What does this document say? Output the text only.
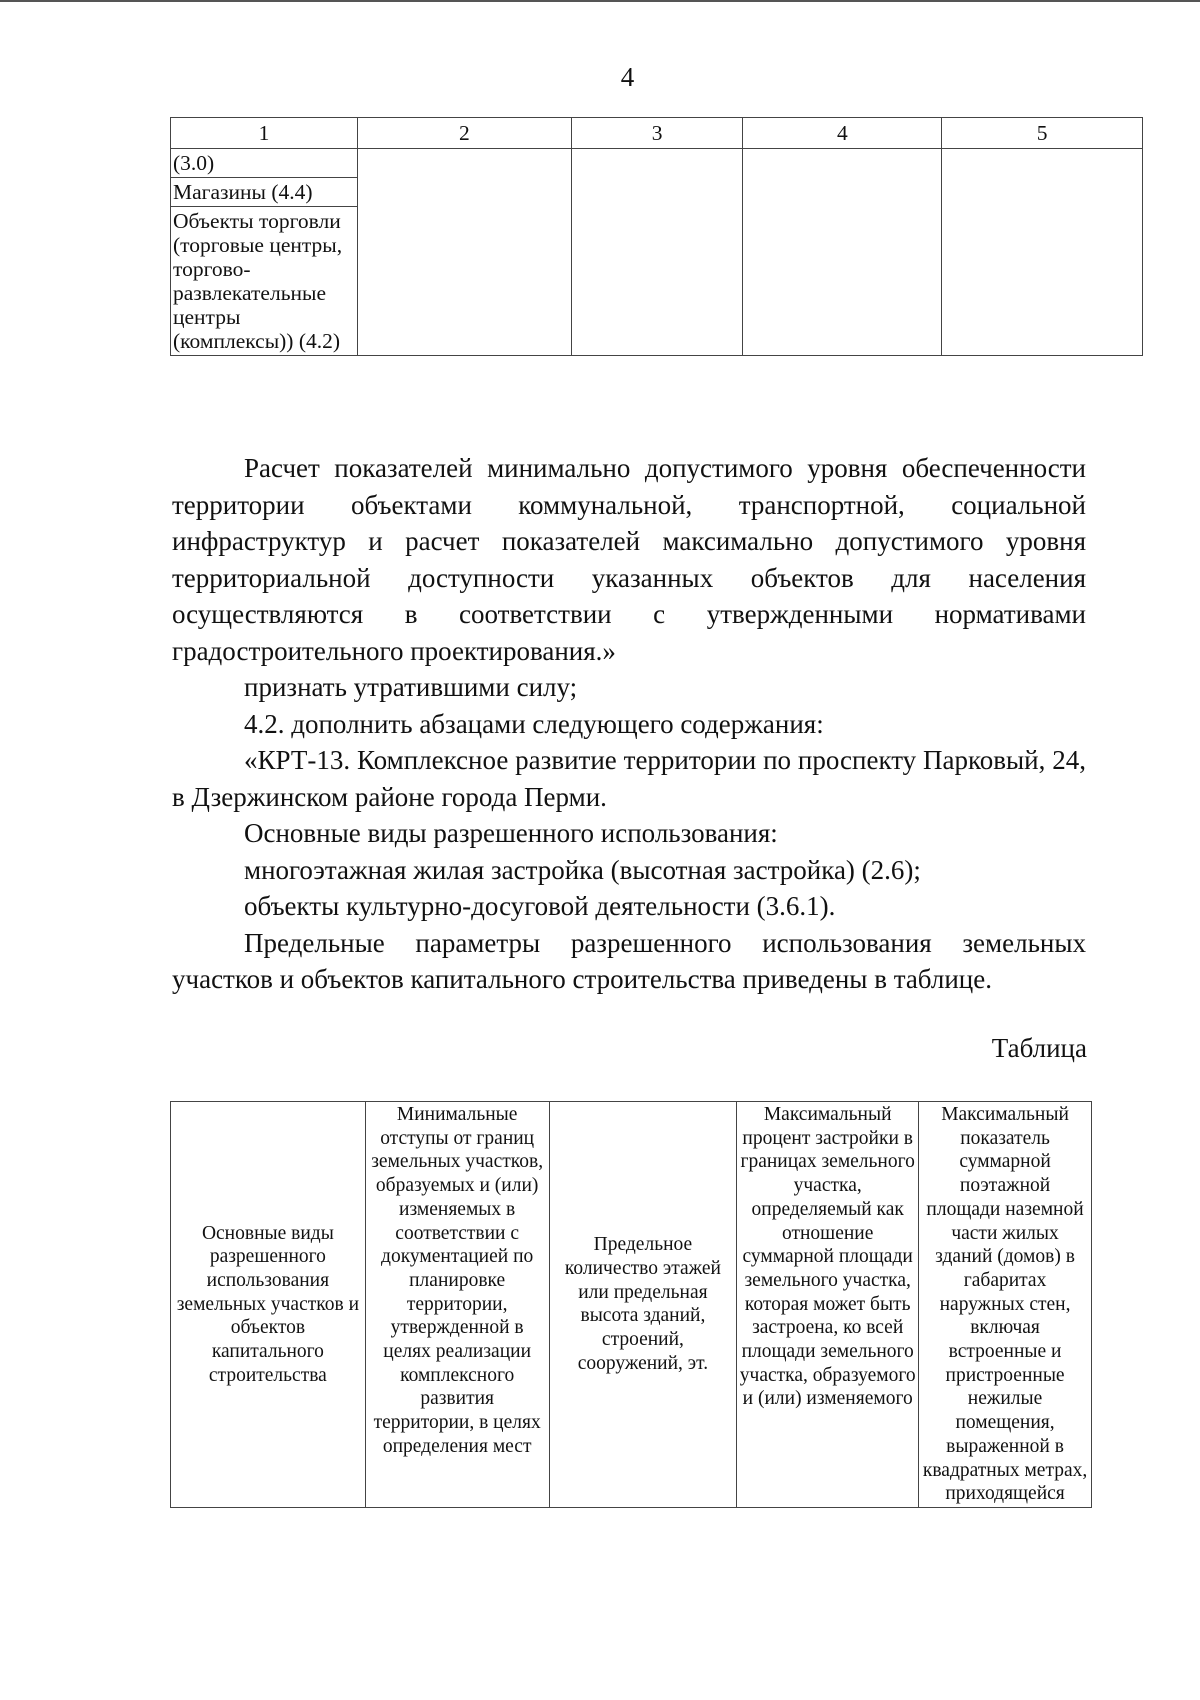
4
1	2	3	4	5

(3.0)
Магазины (4.4)
Объекты торговли (торговые центры, торгово-развлекательные центры (комплексы)) (4.2)				

Расчет показателей минимально допустимого уровня обеспеченности территории объектами коммунальной, транспортной, социальной инфраструктур и расчет показателей максимально допустимого уровня территориальной доступности указанных объектов для населения осуществляются в соответствии с утвержденными нормативами градостроительного проектирования.»

признать утратившими силу;

4.2. дополнить абзацами следующего содержания:

«КРТ-13. Комплексное развитие территории по проспекту Парковый, 24, в Дзержинском районе города Перми.

Основные виды разрешенного использования:

многоэтажная жилая застройка (высотная застройка) (2.6);

объекты культурно-досуговой деятельности (3.6.1).

Предельные параметры разрешенного использования земельных участков и объектов капитального строительства приведены в таблице.

Таблица
Основные виды разрешенного использования земельных участков и объектов капитального строительства	Минимальные отступы от границ земельных участков, образуемых и (или) изменяемых в соответствии с документацией по планировке территории, утвержденной в целях реализации комплексного развития территории, в целях определения мест	Предельное количество этажей или предельная высота зданий, строений, сооружений, эт.	Максимальный процент застройки в границах земельного участка, определяемый как отношение суммарной площади земельного участка, которая может быть застроена, ко всей площади земельного участка, образуемого и (или) изменяемого	Максимальный показатель суммарной поэтажной площади наземной части жилых зданий (домов) в габаритах наружных стен, включая встроенные и пристроенные нежилые помещения, выраженной в квадратных метрах, приходящейся
